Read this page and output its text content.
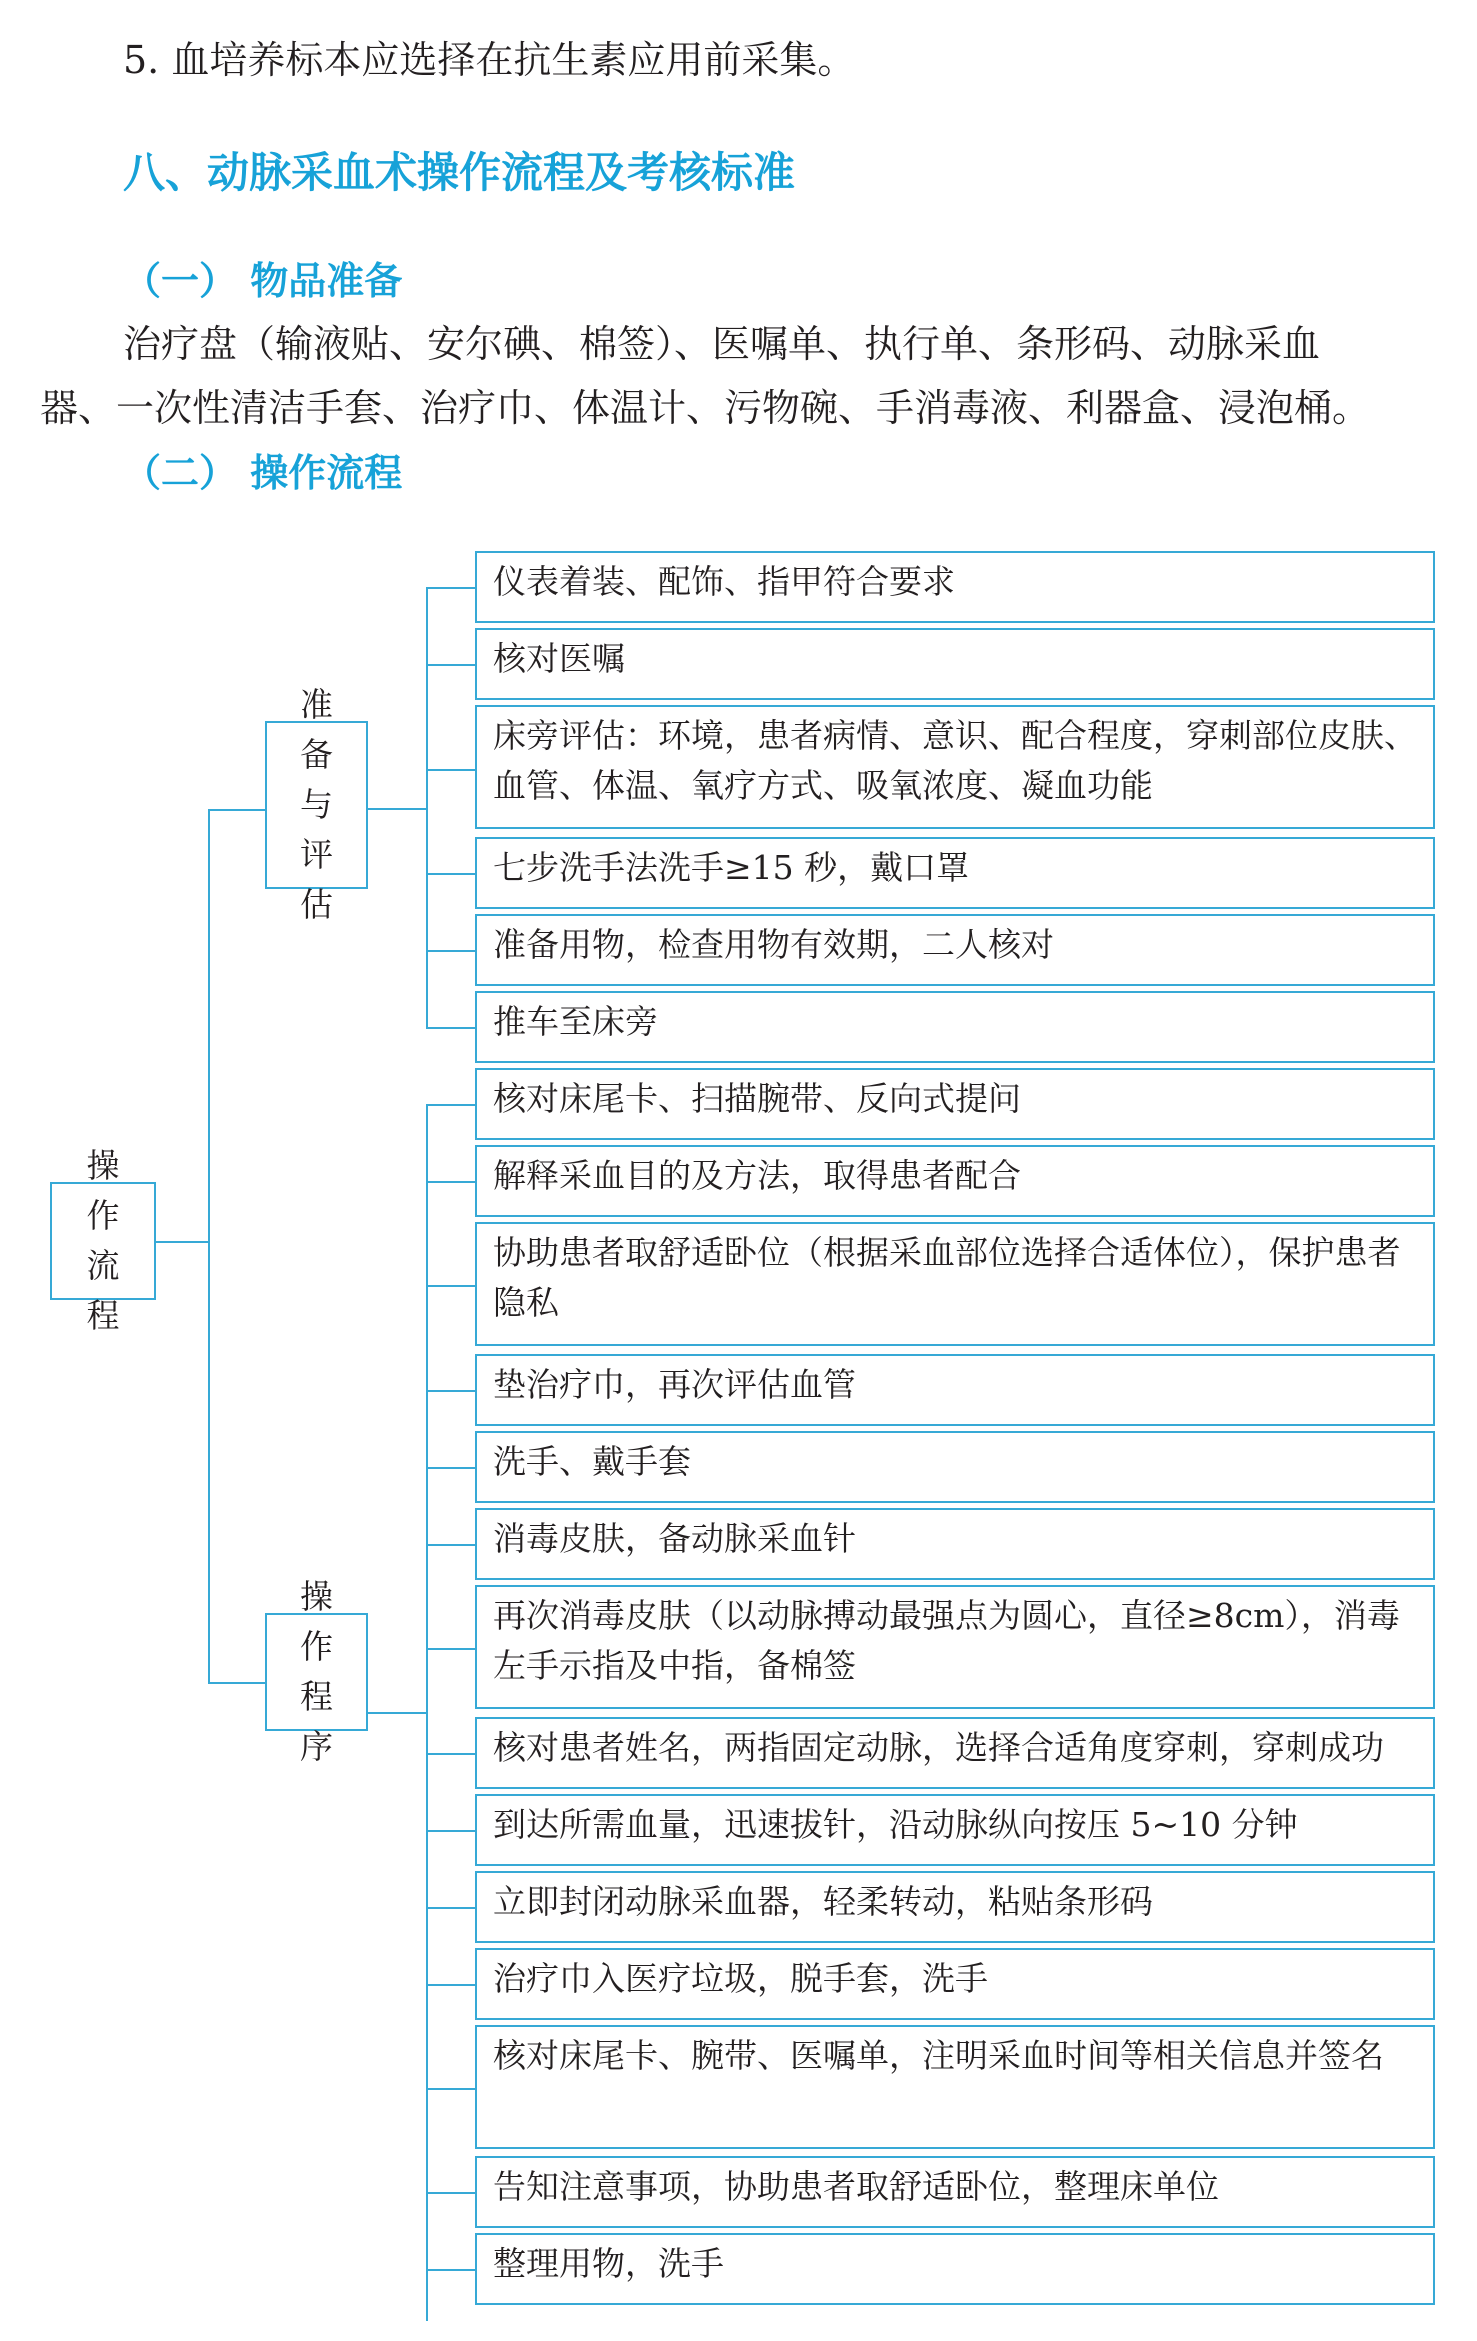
5. 血培养标本应选择在抗生素应用前采集。
八、动脉采血术操作流程及考核标准
（一） 物品准备
治疗盘（输液贴、安尔碘、棉签）、医嘱单、执行单、条形码、动脉采血
器、一次性清洁手套、治疗巾、体温计、污物碗、手消毒液、利器盒、浸泡桶。
（二） 操作流程
操作流程
准备与评估
操作程序
仪表着装、配饰、指甲符合要求
核对医嘱
床旁评估：环境，患者病情、意识、配合程度，穿刺部位皮肤、血管、体温、氧疗方式、吸氧浓度、凝血功能
七步洗手法洗手≥15 秒，戴口罩
准备用物，检查用物有效期，二人核对
推车至床旁
核对床尾卡、扫描腕带、反向式提问
解释采血目的及方法，取得患者配合
协助患者取舒适卧位（根据采血部位选择合适体位），保护患者隐私
垫治疗巾，再次评估血管
洗手、戴手套
消毒皮肤，备动脉采血针
再次消毒皮肤（以动脉搏动最强点为圆心，直径≥8cm），消毒左手示指及中指，备棉签
核对患者姓名，两指固定动脉，选择合适角度穿刺，穿刺成功
到达所需血量，迅速拔针，沿动脉纵向按压 5~10 分钟
立即封闭动脉采血器，轻柔转动，粘贴条形码
治疗巾入医疗垃圾，脱手套，洗手
核对床尾卡、腕带、医嘱单，注明采血时间等相关信息并签名
告知注意事项，协助患者取舒适卧位，整理床单位
整理用物，洗手
